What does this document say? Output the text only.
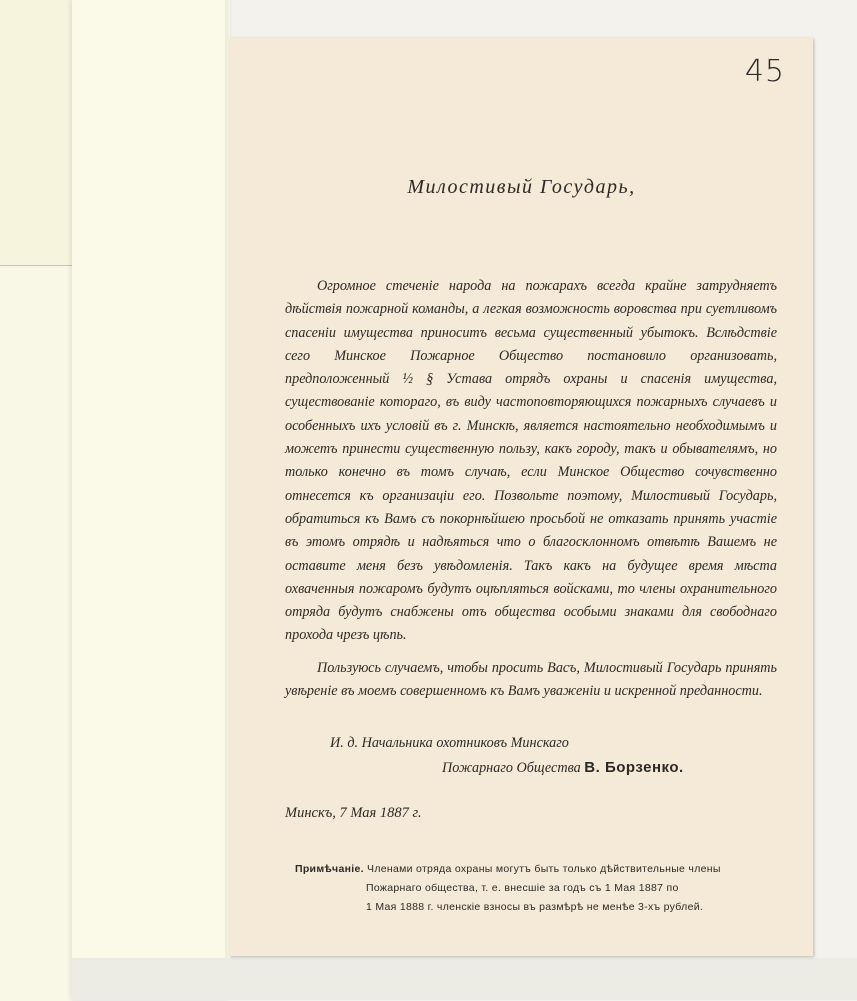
45
Милостивый Государь,

Огромное стеченіе народа на пожарахъ всегда крайне затрудняетъ дѣйствія пожарной команды, а легкая возможность воровства при суетливомъ спасеніи имущества приноситъ весьма существенный убытокъ. Вслѣдствіе сего Минское Пожарное Общество постановило организовать, предположенный ½ § Устава отрядъ охраны и спасенія имущества, существованіе котораго, въ виду частоповторяющихся пожарныхъ случаевъ и особенныхъ ихъ условій въ г. Минскѣ, является настоятельно необходимымъ и можетъ принести существенную пользу, какъ городу, такъ и обывателямъ, но только конечно въ томъ случаѣ, если Минское Общество сочувственно отнесется къ организаціи его. Позвольте поэтому, Милостивый Государь, обратиться къ Вамъ съ покорнѣйшею просьбой не отказать принять участіе въ этомъ отрядѣ и надѣяться что о благосклонномъ отвѣтѣ Вашемъ не оставите меня безъ увѣдомленія. Такъ какъ на будущее время мѣста охваченныя пожаромъ будутъ оцѣпляться войсками, то члены охранительного отряда будутъ снабжены отъ общества особыми знаками для свободнаго прохода чрезъ цѣпь.

Пользуюсь случаемъ, чтобы просить Васъ, Милостивый Государь принять увѣреніе въ моемъ совершенномъ къ Вамъ уваженіи и искренной преданности.

И. д. Начальника охотниковъ Минскаго
Пожарнаго Общества В. Борзенко.
Минскъ, 7 Мая 1887 г.
Примѣчаніе. Членами отряда охраны могутъ быть только дѣйствительные члены
Пожарнаго общества, т. е. внесшіе за годъ съ 1 Мая 1887 по
1 Мая 1888 г. членскіе взносы въ размѣрѣ не менѣе 3-хъ рублей.
